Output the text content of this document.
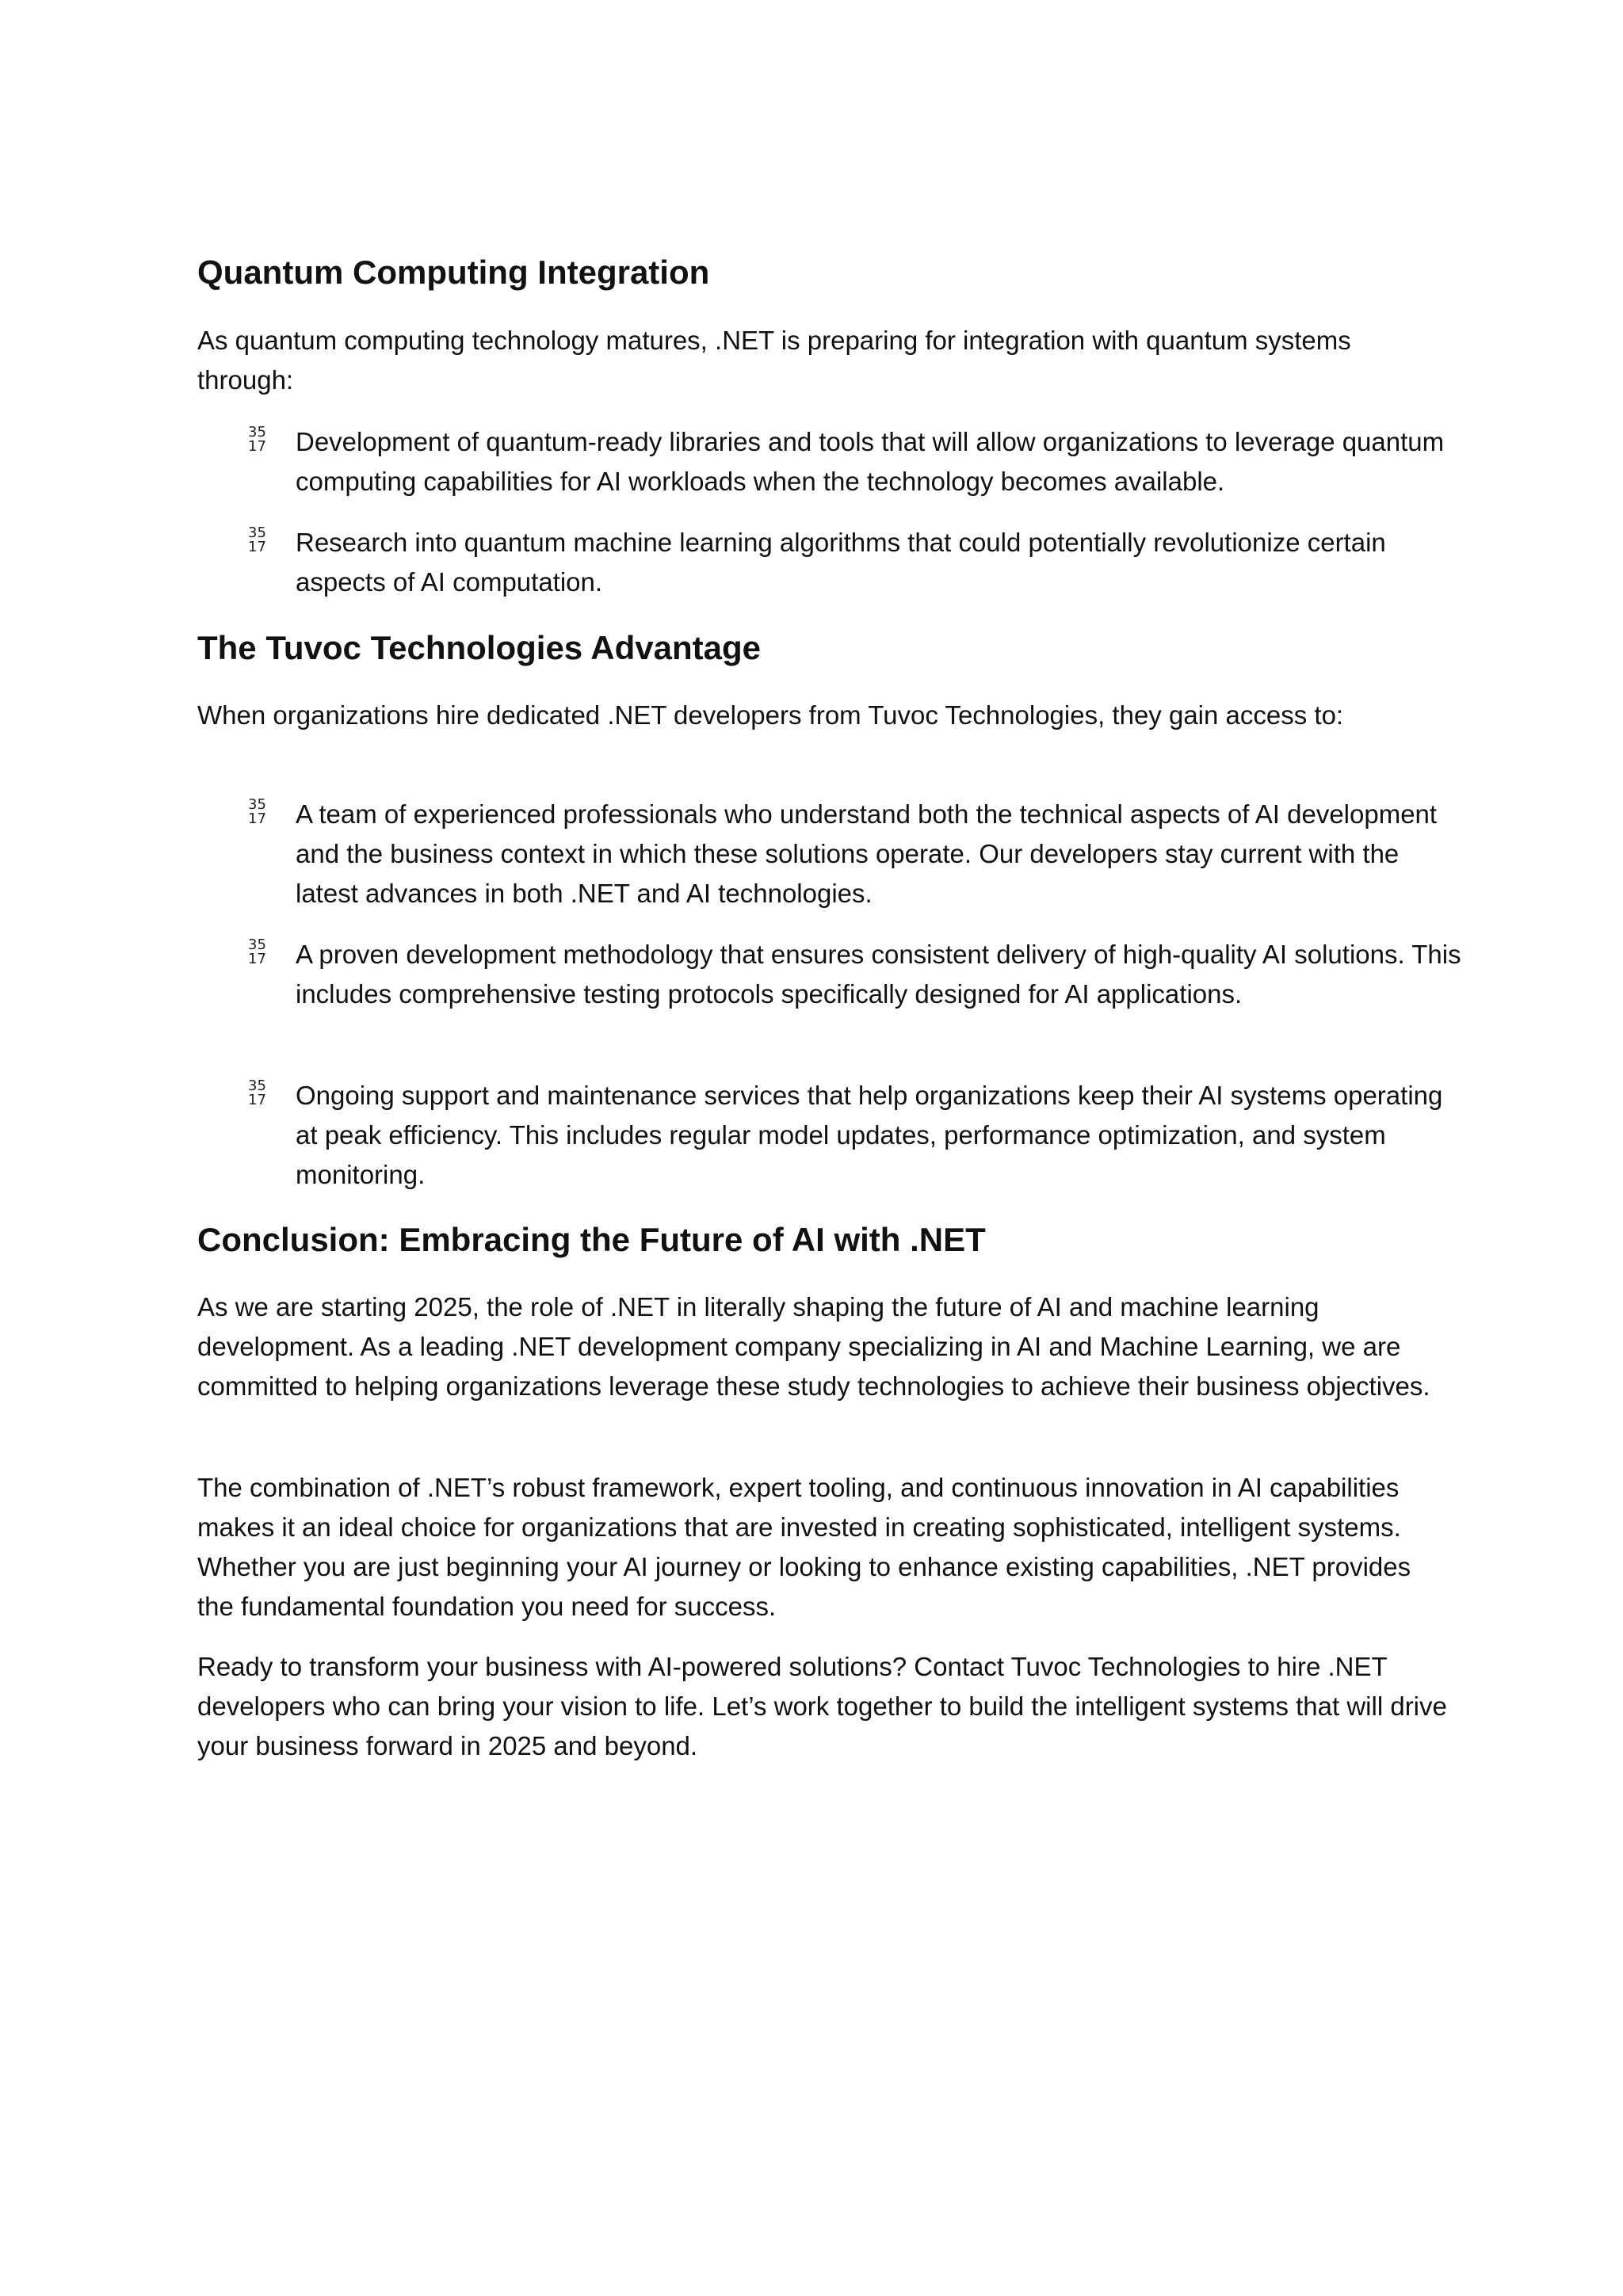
Quantum Computing Integration

As quantum computing technology matures, .NET is preparing for integration with quantum systems through:

35
17	Development of quantum-ready libraries and tools that will allow organizations to leverage quantum computing capabilities for AI workloads when the technology becomes available.
35
17	Research into quantum machine learning algorithms that could potentially revolutionize certain aspects of AI computation.
The Tuvoc Technologies Advantage

When organizations hire dedicated .NET developers from Tuvoc Technologies, they gain access to:

35
17	A team of experienced professionals who understand both the technical aspects of AI development and the business context in which these solutions operate. Our developers stay current with the latest advances in both .NET and AI technologies.
35
17	A proven development methodology that ensures consistent delivery of high-quality AI solutions. This includes comprehensive testing protocols specifically designed for AI applications.
35
17	Ongoing support and maintenance services that help organizations keep their AI systems operating at peak efficiency. This includes regular model updates, performance optimization, and system monitoring.
Conclusion: Embracing the Future of AI with .NET

As we are starting 2025, the role of .NET in literally shaping the future of AI and machine learning development. As a leading .NET development company specializing in AI and Machine Learning, we are committed to helping organizations leverage these study technologies to achieve their business objectives.

The combination of .NET’s robust framework, expert tooling, and continuous innovation in AI capabilities makes it an ideal choice for organizations that are invested in creating sophisticated, intelligent systems. Whether you are just beginning your AI journey or looking to enhance existing capabilities, .NET provides the fundamental foundation you need for success.

Ready to transform your business with AI-powered solutions? Contact Tuvoc Technologies to hire .NET developers who can bring your vision to life. Let’s work together to build the intelligent systems that will drive your business forward in 2025 and beyond.
